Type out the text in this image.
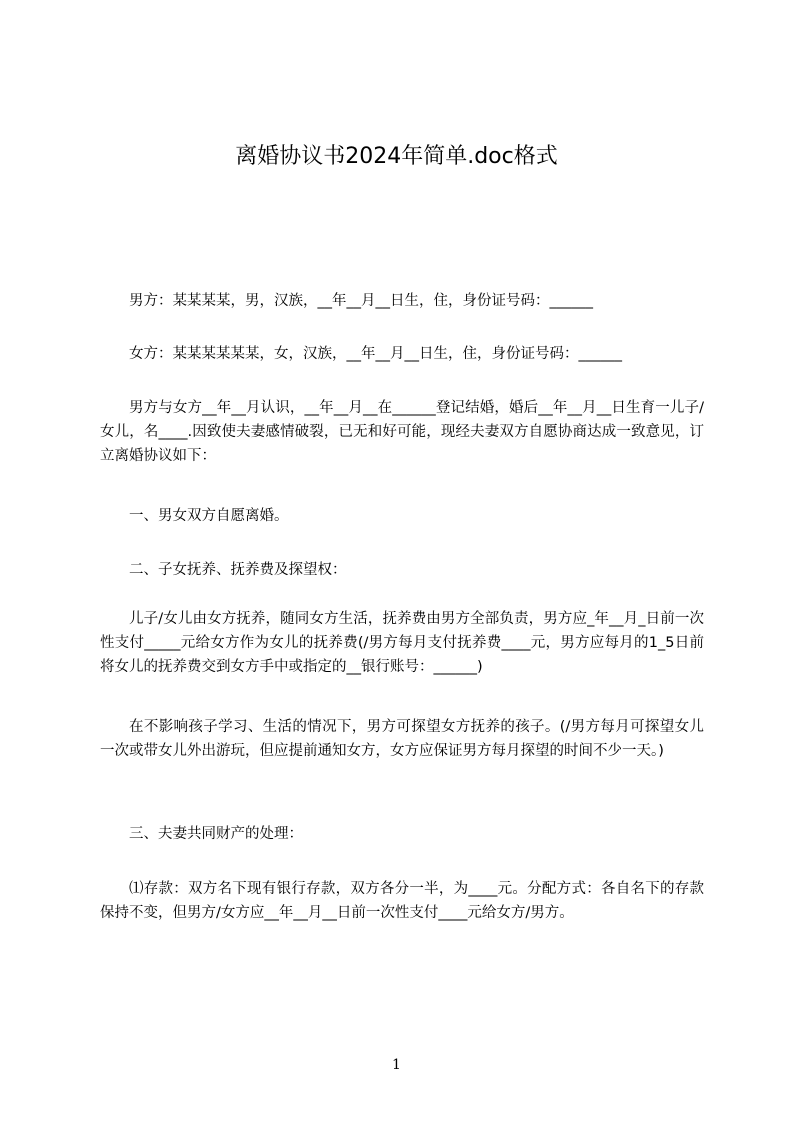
离婚协议书2024年简单.doc格式
男方：某某某某，男，汉族，__年__月__日生，住，身份证号码：______
女方：某某某某某某，女，汉族，__年__月__日生，住，身份证号码：______
男方与女方__年__月认识，__年__月__在______登记结婚，婚后__年__月__日生育一儿子/女儿，名____.因致使夫妻感情破裂，已无和好可能，现经夫妻双方自愿协商达成一致意见，订立离婚协议如下：
一、男女双方自愿离婚。
二、子女抚养、抚养费及探望权：
儿子/女儿由女方抚养，随同女方生活，抚养费由男方全部负责，男方应_年__月_日前一次性支付_____元给女方作为女儿的抚养费(/男方每月支付抚养费____元，男方应每月的1_5日前将女儿的抚养费交到女方手中或指定的__银行账号：______)
在不影响孩子学习、生活的情况下，男方可探望女方抚养的孩子。(/男方每月可探望女儿一次或带女儿外出游玩，但应提前通知女方，女方应保证男方每月探望的时间不少一天。)
三、夫妻共同财产的处理：
⑴存款：双方名下现有银行存款，双方各分一半，为____元。分配方式：各自名下的存款保持不变，但男方/女方应__年__月__日前一次性支付____元给女方/男方。
1
